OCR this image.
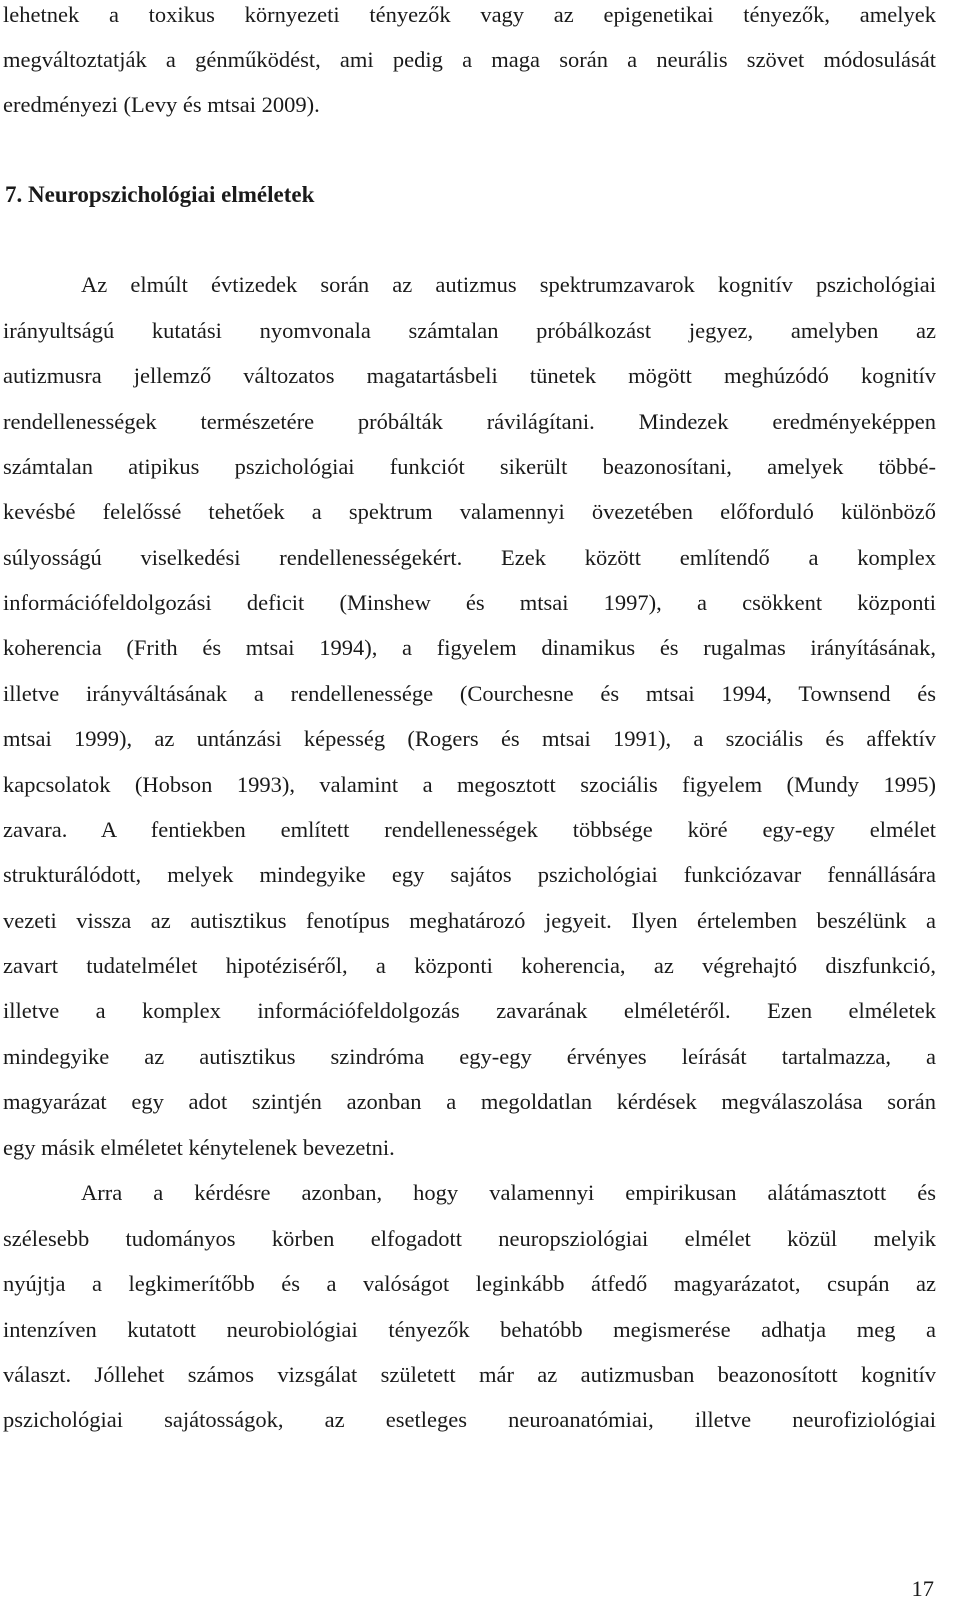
lehetnek a toxikus környezeti tényezők vagy az epigenetikai tényezők, amelyek
megváltoztatják a génműködést, ami pedig a maga során a neurális szövet módosulását
eredményezi (Levy és mtsai 2009).
7. Neuropszichológiai elméletek
Az elmúlt évtizedek során az autizmus spektrumzavarok kognitív pszichológiai
irányultságú kutatási nyomvonala számtalan próbálkozást jegyez, amelyben az
autizmusra jellemző változatos magatartásbeli tünetek mögött meghúzódó kognitív
rendellenességek természetére próbálták rávilágítani. Mindezek eredményeképpen
számtalan atipikus pszichológiai funkciót sikerült beazonosítani, amelyek többé-
kevésbé felelőssé tehetőek a spektrum valamennyi övezetében előforduló különböző
súlyosságú viselkedési rendellenességekért. Ezek között említendő a komplex
információfeldolgozási deficit (Minshew és mtsai 1997), a csökkent központi
koherencia (Frith és mtsai 1994), a figyelem dinamikus és rugalmas irányításának,
illetve irányváltásának a rendellenessége (Courchesne és mtsai 1994, Townsend és
mtsai 1999), az untánzási képesség (Rogers és mtsai 1991), a szociális és affektív
kapcsolatok (Hobson 1993), valamint a megosztott szociális figyelem (Mundy 1995)
zavara. A fentiekben említett rendellenességek többsége köré egy-egy elmélet
strukturálódott, melyek mindegyike egy sajátos pszichológiai funkciózavar fennállására
vezeti vissza az autisztikus fenotípus meghatározó jegyeit. Ilyen értelemben beszélünk a
zavart tudatelmélet hipotéziséről, a központi koherencia, az végrehajtó diszfunkció,
illetve a komplex információfeldolgozás zavarának elméletéről. Ezen elméletek
mindegyike az autisztikus szindróma egy-egy érvényes leírását tartalmazza, a
magyarázat egy adot szintjén azonban a megoldatlan kérdések megválaszolása során
egy másik elméletet kénytelenek bevezetni.
Arra a kérdésre azonban, hogy valamennyi empirikusan alátámasztott és
szélesebb tudományos körben elfogadott neuropsziológiai elmélet közül melyik
nyújtja a legkimerítőbb és a valóságot leginkább átfedő magyarázatot, csupán az
intenzíven kutatott neurobiológiai tényezők behatóbb megismerése adhatja meg a
választ. Jóllehet számos vizsgálat született már az autizmusban beazonosított kognitív
pszichológiai sajátosságok, az esetleges neuroanatómiai, illetve neurofiziológiai
17
